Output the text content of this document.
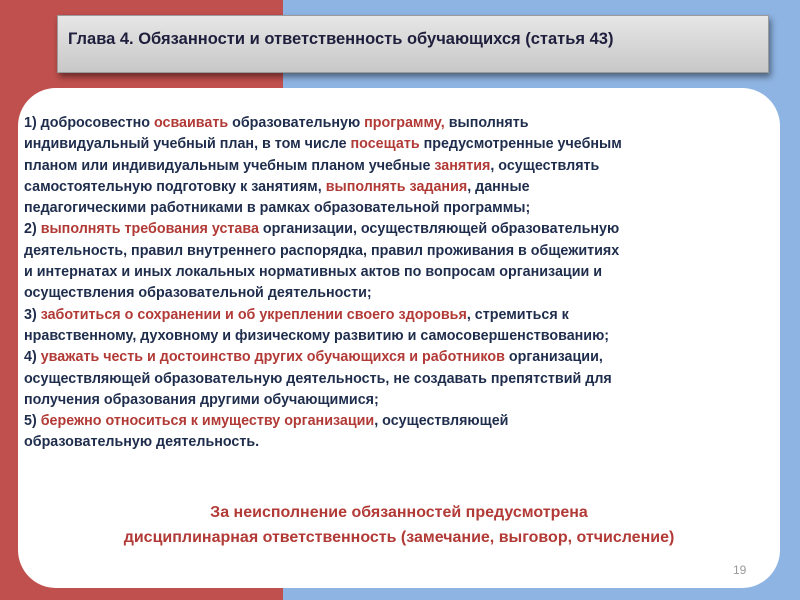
Глава 4. Обязанности и ответственность обучающихся (статья 43)
1) добросовестно осваивать образовательную программу, выполнять
индивидуальный учебный план, в том числе посещать предусмотренные учебным
планом или индивидуальным учебным планом учебные занятия, осуществлять
самостоятельную подготовку к занятиям, выполнять задания, данные
педагогическими работниками в рамках образовательной программы;
2) выполнять требования устава организации, осуществляющей образовательную
деятельность, правил внутреннего распорядка, правил проживания в общежитиях
и интернатах и иных локальных нормативных актов по вопросам организации и
осуществления образовательной деятельности;
3) заботиться о сохранении и об укреплении своего здоровья, стремиться к
нравственному, духовному и физическому развитию и самосовершенствованию;
4) уважать честь и достоинство других обучающихся и работников организации,
осуществляющей образовательную деятельность, не создавать препятствий для
получения образования другими обучающимися;
5) бережно относиться к имуществу организации, осуществляющей
образовательную деятельность.
За неисполнение обязанностей предусмотрена
дисциплинарная ответственность (замечание, выговор, отчисление)
19
